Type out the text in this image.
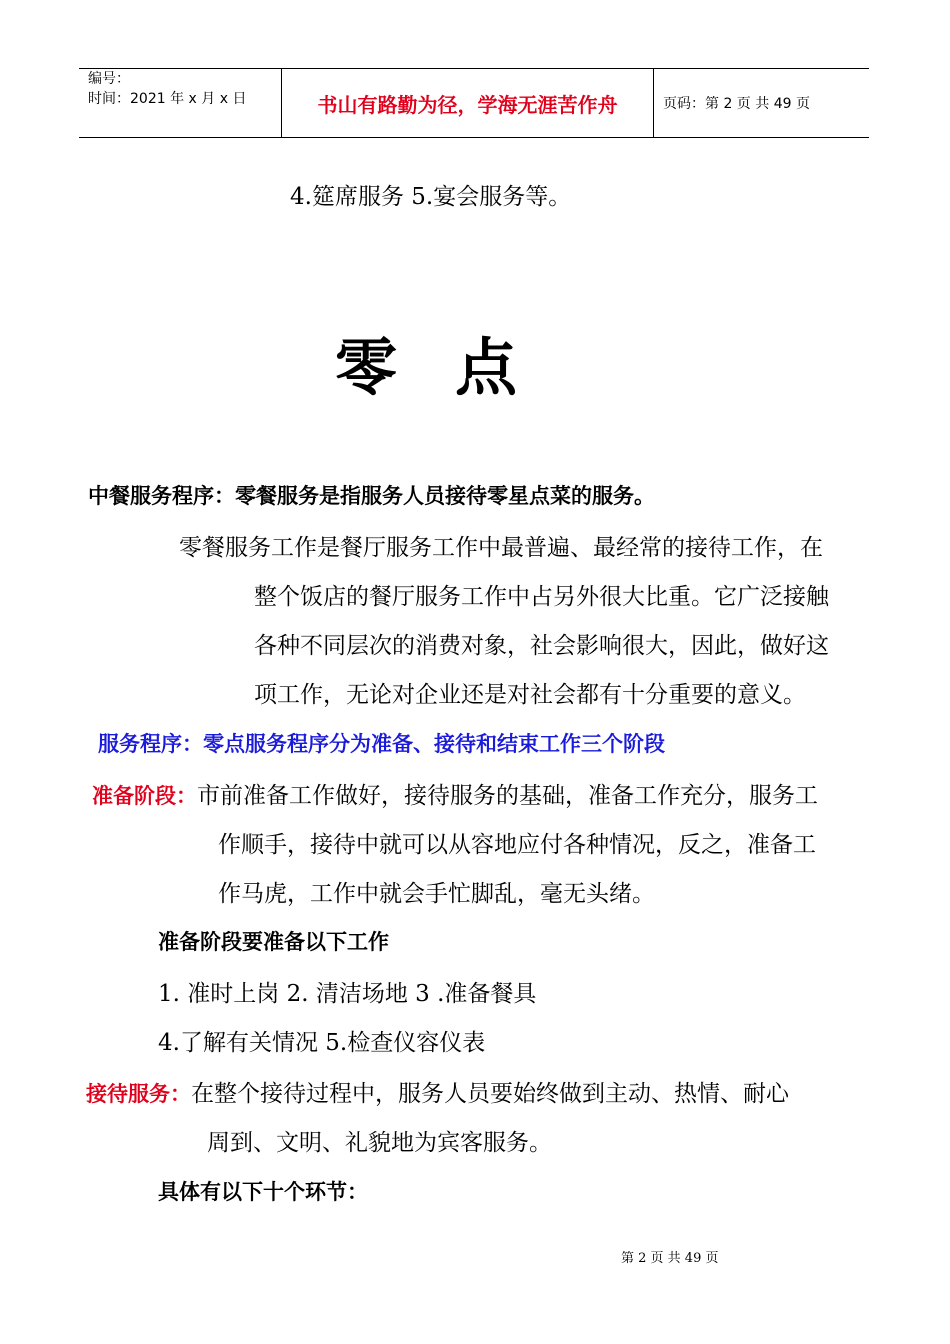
编号：
时间：2021 年 x 月 x 日	书山有路勤为径，学海无涯苦作舟	页码：第 2 页 共 49 页
4.筵席服务 5.宴会服务等。
零点
中餐服务程序：零餐服务是指服务人员接待零星点菜的服务。
零餐服务工作是餐厅服务工作中最普遍、最经常的接待工作，在
整个饭店的餐厅服务工作中占另外很大比重。它广泛接触
各种不同层次的消费对象，社会影响很大，因此，做好这
项工作，无论对企业还是对社会都有十分重要的意义。
服务程序：零点服务程序分为准备、接待和结束工作三个阶段
准备阶段：市前准备工作做好，接待服务的基础，准备工作充分，服务工
作顺手，接待中就可以从容地应付各种情况，反之，准备工
作马虎，工作中就会手忙脚乱，毫无头绪。
准备阶段要准备以下工作
1. 准时上岗 2. 清洁场地 3 .准备餐具
4.了解有关情况 5.检查仪容仪表
接待服务：在整个接待过程中，服务人员要始终做到主动、热情、耐心
周到、文明、礼貌地为宾客服务。
具体有以下十个环节：
第 2 页 共 49 页
